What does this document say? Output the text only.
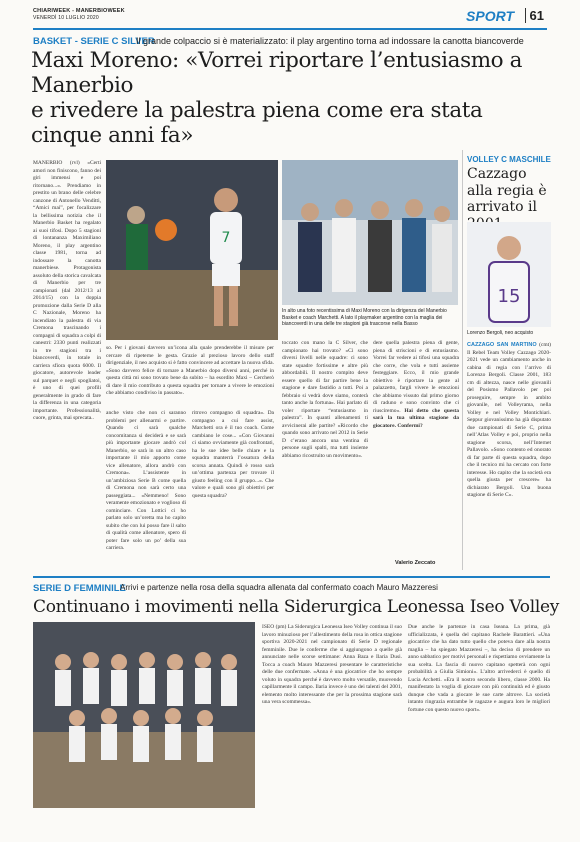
CHIARIWEEK - MANERBIOWEEK
VENERDÌ 10 LUGLIO 2020	SPORT	61
BASKET - SERIE C SILVER
Il grande colpaccio si è materializzato: il play argentino torna ad indossare la canotta biancoverde
Maxi Moreno: «Vorrei riportare l’entusiasmo a Manerbio
e rivedere la palestra piena come era stata cinque anni fa»
MANERBIO (rvl) «Certi amori non finiscono, fanno dei giri immensi e poi ritornano...». Prendiamo in prestito un brano delle celebre canzone di Antonello Venditti, “Amici mai”, per focalizzare la bellissima notizia che il Manerbio Basket ha regalato ai suoi tifosi. Dopo 5 stagioni di lontananza Maximiliano Moreno, il play argentino classe 1981, torna ad indossare la canotta manerbiese. Protagonista assoluto della storica cavalcata di Manerbio per tre campionati (dal 2012/13 al 2014/15) con la doppia promozione dalla Serie D alla C Nazionale, Moreno ha incendiato la palestra di via Cremona trascinando i compagni di squadra a colpi di canestri: 2330 punti realizzati in tre stagioni tra i biancoverdi, in totale in carriera sfiora quota 6000. Il giocatore, autorevole leader sul parquet e negli spogliatoi, è uno di quei profili generalmente in grado di fare la differenza in una categoria importante. Professionalità, cuore, grinta, mai sprecata..
7
so. Per i giovani davvero un’icona alla quale prenderebbe il misure per cercare di ripeterne le gesta. Grazie al prezioso lavoro dello staff dirigenziale, il neo acquisto si è fatto convincere ad accettare la nuova sfida. «Sono davvero felice di tornare a Manerbio dopo diversi anni, perché in questa città mi sono trovato bene da subito – ha esordito Maxi – Cercherò di dare il mio contributo a questa squadra per tornare a vivere le emozioni che abbiamo condiviso in passato».
anche visto che non ci saranno problemi per allenarmi e partire. Quando ci sarà qualche concomitanza si deciderà e se sarà più importante giocare andrò col Manerbio, se sarà in un altro caso importante il mio apporto come vice allenatore, allora andrò con Cremona». L’assistente in un’ambiziosa Serie B come quella di Cremona non sarà certo una passeggiata... «Nemmeno! Sono veramente emozionato e voglioso di cominciare. Con Lottici ci ho parlato solo un’oretta ma ho capito subito che con lui posso fare il salto di qualità come allenatore, spero di poter fare solo un po’ della sua carriera.
ritrovo compagno di squadra». Da compagno a cui fare assist, Marchetti ora è il tuo coach. Come cambiano le cose... «Con Giovanni ci siamo ovviamente già confrontati, ha le sue idee belle chiare e la squadra manterrà l’ossatura della scorsa annata. Quindi è rosso sarà un’ottima partenza per trovare il giusto feeling con il gruppo...». Che valore e quali sono gli obiettivi per questa squadra?
In alto una foto recentissima di Maxi Moreno con la dirigenza del Manerbio Basket e coach Marchetti. A lato il playmaker argentino con la maglia dei biancoverdi in una delle tre stagioni già trascorse nella Basso
toccato con mano la C Silver, che campionato hai trovato? «Ci sono diversi livelli nelle squadre: ci sono state squadre fortissime e altre più abbordabili. Il nostro compito deve essere quello di far partire bene la stagione e dare fastidio a tutti. Poi a febbraio si vedrà dove siamo, conterà tanto anche la fortuna». Hai parlato di voler riportare “entusiasmo in palestra”. In quanti allenamenti ti avvicinerai alle partite? «Ricordo che quando sono arrivato nel 2012 in Serie D c’erano ancora una ventina di persone sugli spalti, ma tutti insieme abbiamo ricostruito un movimento».
dere quella palestra piena di gente, piena di striscioni e di entusiasmo. Vorrei far vedere ai tifosi una squadra che corre, che vola e tutti assieme festeggiare. Ecco, il mio grande obiettivo è riportare la gente al palazzetto, fargli vivere le emozioni che abbiamo vissuto dal primo giorno di raduno e sono convinto che ci riusciremo». Hai detto che questa sarà la tua ultima stagione da giocatore. Confermi?
Valerio Zeccato
VOLLEY C MASCHILE
Cazzago alla regia è arrivato il
15
Lorenzo Bergoli, neo acquisto
CAZZAGO SAN MARTINO (cmt) Il Rebel Team Volley Cazzago 2020-2021 vede un cambiamento anche in cabina di regia con l’arrivo di Lorenzo Bergoli. Classe 2001, 183 cm di altezza, nasce nelle giovanili del Posismo Pallavolo per poi proseguire, sempre in ambito giovanile, nel Volleyrama, nella Volley e nel Volley Montichiari. Seppur giovanissimo ha già disputato due campionati di Serie C, prima nell’Atlas Volley e poi, proprio nella stagione scorsa, nell’Internet Pallavolo. «Sono contento ed onorato di far parte di questa squadra, dopo che il tecnico mi ha cercato con forte interesse. Ho capito che la società era quella giusta per crescere» ha dichiarato Bergoli. Una buona stagione di Serie C».
SERIE D FEMMINILE
Arrivi e partenze nella rosa della squadra allenata dal confermato coach Mauro Mazzeresi
Continuano i movimenti nella Siderurgica Leonessa Iseo Volley
ISEO (pm) La Siderurgica Leonessa Iseo Volley continua il suo lavoro minuzioso per l’allestimento della rosa in ottica stagione sportiva 2020-2021 nel campionato di Serie D regionale femminile. Due le conferme che si aggiungono a quelle già annunciate nelle scorse settimane: Anna Baza e Ilaria Dusi. Tocca a coach Mauro Mazzeresi presentare le caratteristiche delle due confermate. «Anna è una giocatrice che ho sempre voluto in squadra perché è davvero molto versatile, muovendo capillarmente il campo. Ilaria invece è uno dei talenti del 2001, elemento molto interessante che per la prossima stagione sarà una vera scommessa».
Due anche le partenze in casa Iseana. La prima, già ufficializzata, è quella del capitano Rachele Barattieri. «Una giocatrice che ha dato tutto quello che poteva dare alla nostra maglia – ha spiegato Mazzeresi –, ha deciso di prendere un anno sabbatico per motivi personali e rispettiamo ovviamente la sua scelta. La fascia di nuovo capitano spetterà con ogni probabilità a Giulia Simioni». L’altro arrivederci è quello di Lucia Archetti. «Era il nostro secondo libero, classe 2000. Ha manifestato la voglia di giocare con più continuità ed è giusto dunque che vada a giocare le sue carte altrove. La società intanto ringrazia entrambe le ragazze e augura loro le migliori fortune con questo nuovo sport».
